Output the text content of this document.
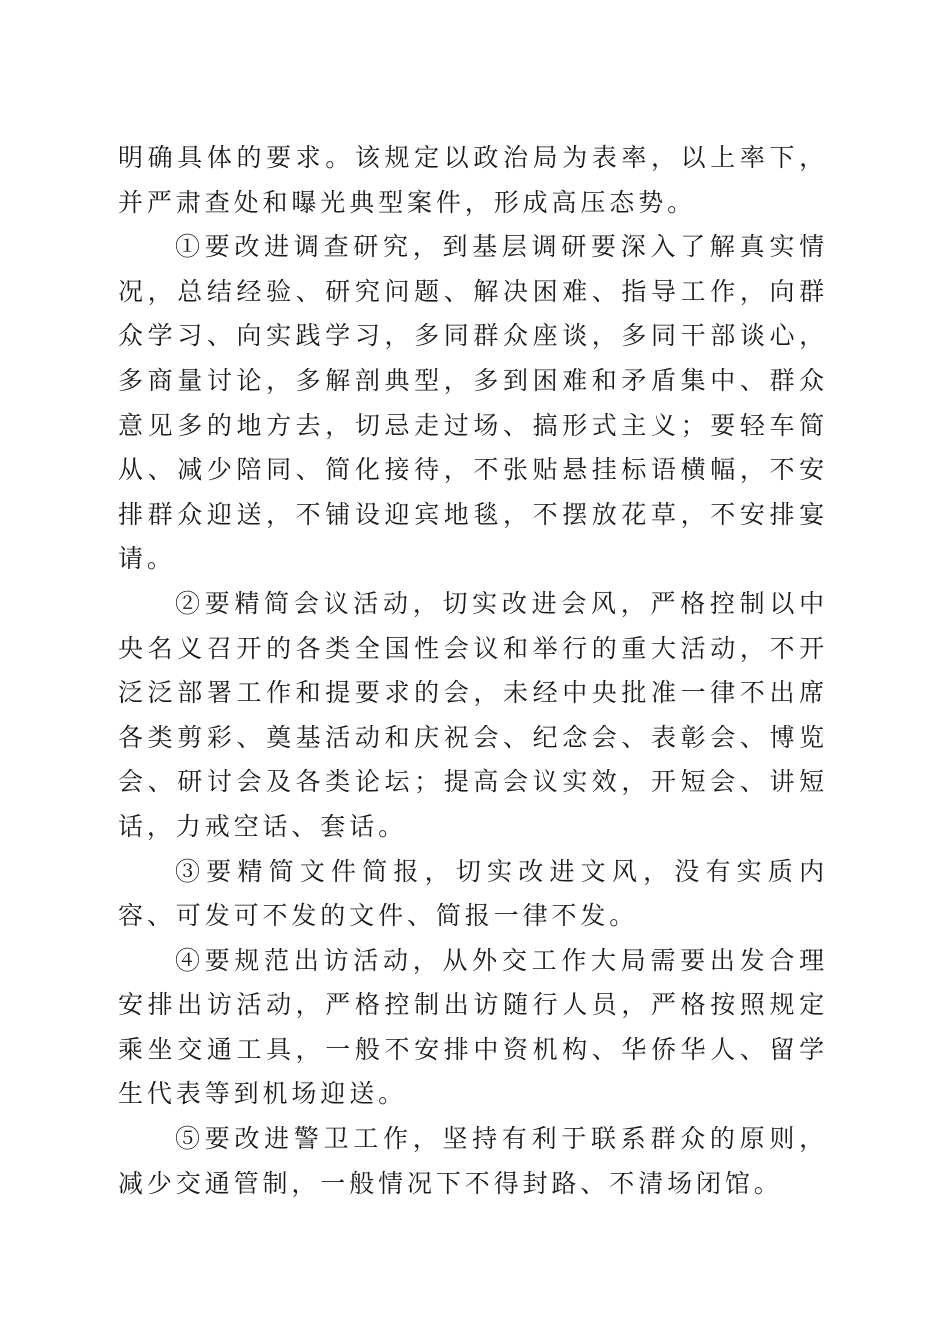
明确具体的要求。该规定以政治局为表率，以上率下，并严肃查处和曝光典型案件，形成高压态势。

①要改进调查研究，到基层调研要深入了解真实情况，总结经验、研究问题、解决困难、指导工作，向群众学习、向实践学习，多同群众座谈，多同干部谈心，多商量讨论，多解剖典型，多到困难和矛盾集中、群众意见多的地方去，切忌走过场、搞形式主义；要轻车简从、减少陪同、简化接待，不张贴悬挂标语横幅，不安排群众迎送，不铺设迎宾地毯，不摆放花草，不安排宴请。

②要精简会议活动，切实改进会风，严格控制以中央名义召开的各类全国性会议和举行的重大活动，不开泛泛部署工作和提要求的会，未经中央批准一律不出席各类剪彩、奠基活动和庆祝会、纪念会、表彰会、博览会、研讨会及各类论坛；提高会议实效，开短会、讲短话，力戒空话、套话。

③要精简文件简报，切实改进文风，没有实质内容、可发可不发的文件、简报一律不发。

④要规范出访活动，从外交工作大局需要出发合理安排出访活动，严格控制出访随行人员，严格按照规定乘坐交通工具，一般不安排中资机构、华侨华人、留学生代表等到机场迎送。

⑤要改进警卫工作，坚持有利于联系群众的原则，减少交通管制，一般情况下不得封路、不清场闭馆。
